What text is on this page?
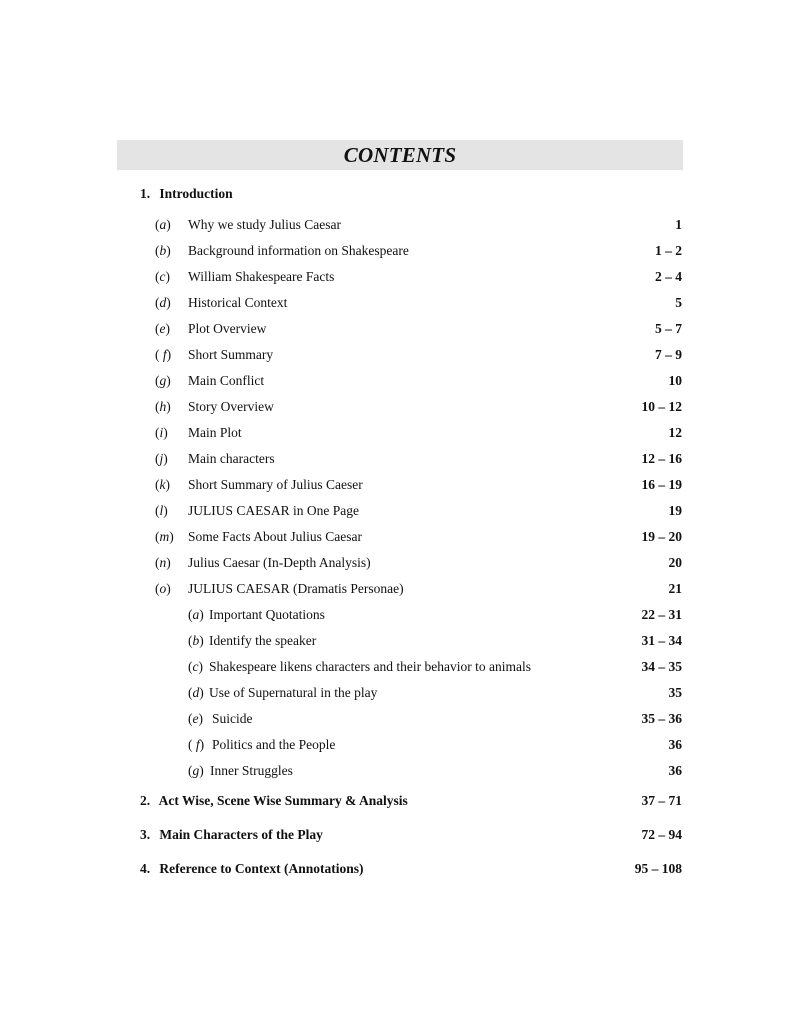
CONTENTS
1. Introduction
(a) Why we study Julius Caesar	1
(b) Background information on Shakespeare	1 – 2
(c) William Shakespeare Facts	2 – 4
(d) Historical Context	5
(e) Plot Overview	5 – 7
( f) Short Summary	7 – 9
(g) Main Conflict	10
(h) Story Overview	10 – 12
(i) Main Plot	12
(j) Main characters	12 – 16
(k) Short Summary of Julius Caeser	16 – 19
(l) JULIUS CAESAR in One Page	19
(m) Some Facts About Julius Caesar	19 – 20
(n) Julius Caesar (In-Depth Analysis)	20
(o) JULIUS CAESAR (Dramatis Personae)	21
(a) Important Quotations	22 – 31
(b) Identify the speaker	31 – 34
(c) Shakespeare likens characters and their behavior to animals	34 – 35
(d) Use of Supernatural in the play	35
(e) Suicide	35 – 36
( f) Politics and the People	36
(g) Inner Struggles	36
2. Act Wise, Scene Wise Summary & Analysis	37 – 71
3. Main Characters of the Play	72 – 94
4. Reference to Context (Annotations)	95 – 108
